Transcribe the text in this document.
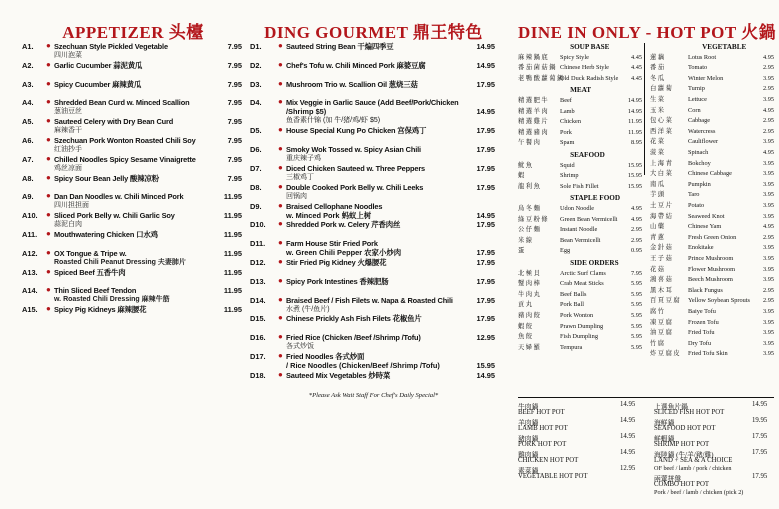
APPETIZER 头檯
A1.	● Szechuan Style Pickled Vegetable	7.95
四川泡菜
A2.	● Garlic Cucumber 蒜泥黄瓜	7.95
A3.	● Spicy Cucumber 麻辣黄瓜	7.95
A4.	● Shredded Bean Curd w. Minced Scallion	7.95
葱油豆丝
A5.	● Sauteed Celery with Dry Bean Curd	7.95
麻辣香干
A6.	● Szechuan Pork Wonton Roasted Chili Soy	7.95
红油抄手
A7.	● Chilled Noodles Spicy Sesame Vinaigrette	7.95
鸡丝凉面
A8.	● Spicy Sour Bean Jelly 酸辣凉粉	7.95
A9.	● Dan Dan Noodles w. Chili Minced Pork	11.95
四川担担面
A10.	● Sliced Pork Belly w. Chili Garlic Soy	11.95
蒜泥白肉
A11.	● Mouthwatering Chicken 口水鸡	11.95
A12.	● OX Tongue & Tripe w.
Roasted Chili Peanut Dressing 夫妻肺片
11.95
A13.	● Spiced Beef 五香牛肉	11.95
A14.	● Thin Sliced Beef Tendon
w. Roasted Chili Dressing 麻辣牛筋
11.95
A15.	● Spicy Pig Kidneys 麻辣腰花	11.95
DING GOURMET 鼎王特色
D1.	● Sauteed String Bean 干煸四季豆	14.95
D2.	● Chef's Tofu w. Chili Minced Pork 麻婆豆腐	14.95
D3.	● Mushroom Trio w. Scallion Oil 葱烧三菇	17.95
D4.	● Mix Veggie in Garlic Sauce (Add Beef/Pork/Chicken
/Shrimp $5)	14.95
鱼香素什锦 (加 牛/猪/鸡/虾 $5)
D5.	● House Special Kung Po Chicken 宫保鸡丁	17.95
D6.	● Smoky Wok Tossed w. Spicy Asian Chili	17.95
重庆辣子鸡
D7.	● Diced Chicken Sauteed w. Three Peppers	17.95
三椒鸡丁
D8.	● Double Cooked Pork Belly w. Chili Leeks	17.95
回锅肉
D9.	● Braised Cellophane Noodles
w. Minced Pork 蚂蚁上树	14.95
D10.	● Shredded Pork w. Celery 芹香肉丝	17.95
D11.	● Farm House Stir Fried Pork
w. Green Chili Pepper 农家小炒肉	17.95
D12.	● Stir Fried Pig Kidney 火爆腰花	17.95
D13.	● Spicy Pork Intestines 香辣肥肠	17.95
D14.	● Braised Beef / Fish Filets w. Napa & Roasted Chili	17.95
水煮 (牛/鱼片)
D15.	● Chinese Prickly Ash Fish Filets 花椒鱼片	17.95
D16.	● Fried Rice (Chicken /Beef /Shrimp /Tofu)	12.95
各式炒饭
D17.	● Fried Noodles 各式炒面
/ Rice Noodles (Chicken/Beef /Shrimp /Tofu)	15.95
D18.	● Sauteed Mix Vegetables 炒時菜	14.95
*Please Ask Wait Staff For Chef's Daily Special*
DINE IN ONLY - HOT POT 火鍋
SOUP BASE
麻辣鍋底 Spicy Style	4.45
番茄菌菇鍋 Chinese Herb Style	4.45
老鴨酸蘿蔔鍋
Old Duck Radish Style 4.45
MEAT
精選肥牛 Beef	14.95
精選羊肉 Lamb	14.95
精選雞片 Chicken	11.95
精選豬肉 Pork	11.95
午餐肉	Spam	8.95
SEAFOOD
魷魚	Squid	15.95
蝦	Shrimp	15.95
龍利魚	Sole Fish Fillet	15.95
STAPLE FOOD
烏冬麵	Udon Noodle	4.95
綠豆粉條 Green Bean Vermicelli 4.95
公仔麵	Instant Noodle	2.95
米線	Bean Vermicelli	2.95
蛋	Egg	0.95
SIDE ORDERS
北極貝	Arctic Surf Clams	7.95
蟹肉棒	Crab Meat Sticks	5.95
牛肉丸	Beef Balls	5.95
貢丸	Pork Ball	5.95
豬肉餃	Pork Wonton	5.95
蝦餃	Prawn Dumpling	5.95
魚餃	Fish Dumpling	5.95
天婦羅	Tempura	5.95
VEGETABLE
蓮藕	Lotus Root	4.95
番茄	Tomato	2.95
冬瓜	Winter Melon	3.95
白蘿蔔 Turnip	2.95
生菜	Lettuce	3.95
玉米	Corn	4.95
包心菜 Cabbage	2.95
西洋菜 Watercress	2.95
花菜	Cauliflower	3.95
菠菜	Spinach	4.95
上海青 Bokchoy	3.95
大白菜 Chinese Cabbage	3.95
南瓜	Pumpkin	3.95
芋頭	Taro	3.95
土豆片 Potato	3.95
海帶結 Seaweed Knot	3.95
山藥	Chinese Yam	4.95
青蔥	Fresh Green Onion	2.95
金針菇 Enokitake	3.95
王子菇 Prince Mushroom	3.95
花菇	Flower Mushroom	3.95
鴻喜菇 Beech Mushroom	3.95
黑木耳 Black Fungus	2.95
百頁豆腐 Yellow Soybean Sprouts 2.95
腐竹	Baiye Tofu	3.95
凍豆腐 Frozen Tofu	3.95
油豆腐 Fried Tofu	3.95
竹腐	Dry Tofu	3.95
炸豆腐皮 Fried Tofu Skin	3.95
牛肉鍋	14.95
BEEF HOT POT
羊肉鍋	14.95
LAMB HOT POT
豬肉鍋	14.95
PORK HOT POT
雞肉鍋	14.95
CHICKEN HOT POT
素菜鍋	12.95
VEGETABLE HOT POT
上選魚片鍋	14.95
SLICED FISH HOT POT
海鮮鍋	19.95
SEAFOOD HOT POT
鮮蝦鍋	17.95
SHRIMP HOT POT
海陸鍋 (牛/羊/豬/雞)	17.95
LAND + SEA & A CHOICE
OF beef / lamb / pork / chicken
兩葷拼盤	17.95
COMBO HOT POT
Pork / beef / lamb / chicken (pick 2)
